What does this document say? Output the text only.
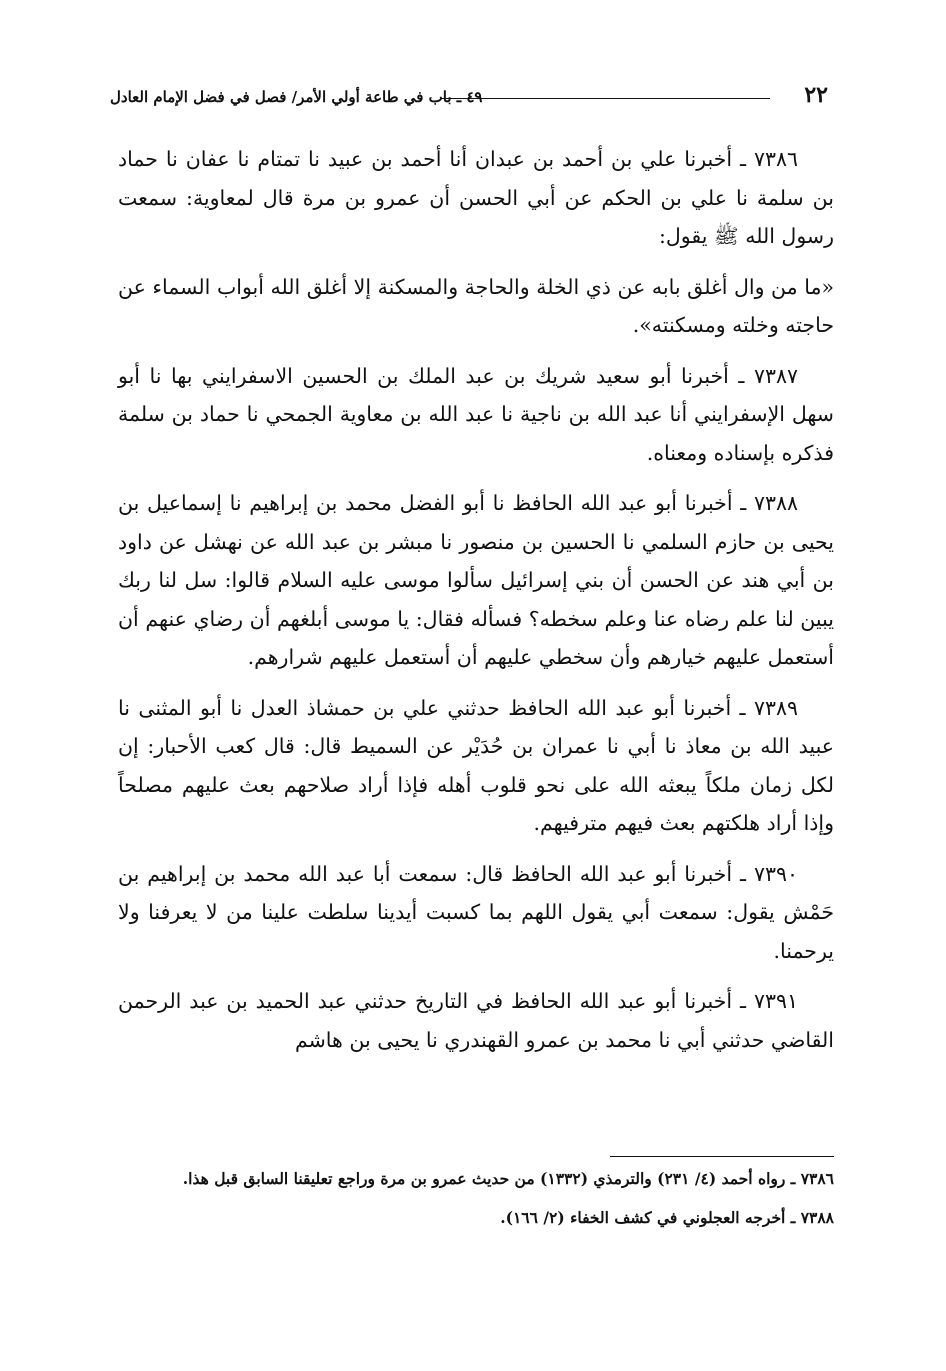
٢٢
٤٩ ـ باب في طاعة أولي الأمر/ فصل في فضل الإمام العادل

٧٣٨٦ ـ أخبرنا علي بن أحمد بن عبدان أنا أحمد بن عبيد نا تمتام نا عفان نا حماد بن سلمة نا علي بن الحكم عن أبي الحسن أن عمرو بن مرة قال لمعاوية: سمعت رسول الله ﷺ يقول:

«ما من وال أغلق بابه عن ذي الخلة والحاجة والمسكنة إلا أغلق الله أبواب السماء عن حاجته وخلته ومسكنته».

٧٣٨٧ ـ أخبرنا أبو سعيد شريك بن عبد الملك بن الحسين الاسفرايني بها نا أبو سهل الإسفرايني أنا عبد الله بن ناجية نا عبد الله بن معاوية الجمحي نا حماد بن سلمة فذكره بإسناده ومعناه.

٧٣٨٨ ـ أخبرنا أبو عبد الله الحافظ نا أبو الفضل محمد بن إبراهيم نا إسماعيل بن يحيى بن حازم السلمي نا الحسين بن منصور نا مبشر بن عبد الله عن نهشل عن داود بن أبي هند عن الحسن أن بني إسرائيل سألوا موسى عليه السلام قالوا: سل لنا ربك يبين لنا علم رضاه عنا وعلم سخطه؟ فسأله فقال: يا موسى أبلغهم أن رضاي عنهم أن أستعمل عليهم خيارهم وأن سخطي عليهم أن أستعمل عليهم شرارهم.

٧٣٨٩ ـ أخبرنا أبو عبد الله الحافظ حدثني علي بن حمشاذ العدل نا أبو المثنى نا عبيد الله بن معاذ نا أبي نا عمران بن حُدَيْر عن السميط قال: قال كعب الأحبار: إن لكل زمان ملكاً يبعثه الله على نحو قلوب أهله فإذا أراد صلاحهم بعث عليهم مصلحاً وإذا أراد هلكتهم بعث فيهم مترفيهم.

٧٣٩٠ ـ أخبرنا أبو عبد الله الحافظ قال: سمعت أبا عبد الله محمد بن إبراهيم بن حَمْش يقول: سمعت أبي يقول اللهم بما كسبت أيدينا سلطت علينا من لا يعرفنا ولا يرحمنا.

٧٣٩١ ـ أخبرنا أبو عبد الله الحافظ في التاريخ حدثني عبد الحميد بن عبد الرحمن القاضي حدثني أبي نا محمد بن عمرو القهندري نا يحيى بن هاشم

٧٣٨٦ ـ رواه أحمد (٤/ ٢٣١) والترمذي (١٣٣٢) من حديث عمرو بن مرة وراجع تعليقنا السابق قبل هذا.

٧٣٨٨ ـ أخرجه العجلوني في كشف الخفاء (٢/ ١٦٦).
